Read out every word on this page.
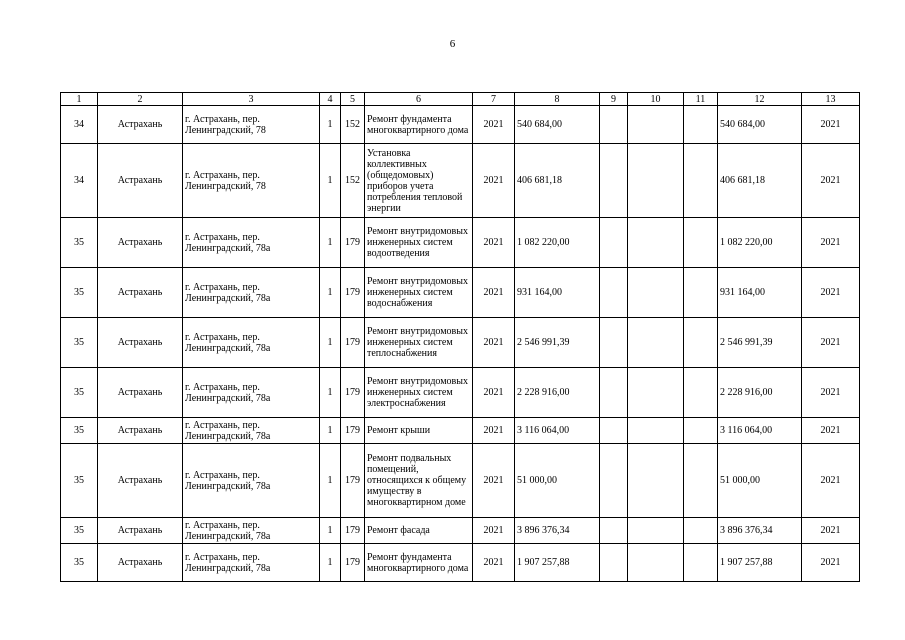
6
1	2	3	4	5	6	7	8	9	10	11	12	13
34	Астрахань	г. Астрахань, пер. Ленинградский, 78	1	152	Ремонт фундамента многоквартирного дома	2021	540 684,00				540 684,00	2021
34	Астрахань	г. Астрахань, пер. Ленинградский, 78	1	152	Установка коллективных (общедомовых) приборов учета потребления тепловой энергии	2021	406 681,18				406 681,18	2021
35	Астрахань	г. Астрахань, пер. Ленинградский, 78а	1	179	Ремонт внутридомовых инженерных систем водоотведения	2021	1 082 220,00				1 082 220,00	2021
35	Астрахань	г. Астрахань, пер. Ленинградский, 78а	1	179	Ремонт внутридомовых инженерных систем водоснабжения	2021	931 164,00				931 164,00	2021
35	Астрахань	г. Астрахань, пер. Ленинградский, 78а	1	179	Ремонт внутридомовых инженерных систем теплоснабжения	2021	2 546 991,39				2 546 991,39	2021
35	Астрахань	г. Астрахань, пер. Ленинградский, 78а	1	179	Ремонт внутридомовых инженерных систем электроснабжения	2021	2 228 916,00				2 228 916,00	2021
35	Астрахань	г. Астрахань, пер. Ленинградский, 78а	1	179	Ремонт крыши	2021	3 116 064,00				3 116 064,00	2021
35	Астрахань	г. Астрахань, пер. Ленинградский, 78а	1	179	Ремонт подвальных помещений, относящихся к общему имуществу в многоквартирном доме	2021	51 000,00				51 000,00	2021
35	Астрахань	г. Астрахань, пер. Ленинградский, 78а	1	179	Ремонт фасада	2021	3 896 376,34				3 896 376,34	2021
35	Астрахань	г. Астрахань, пер. Ленинградский, 78а	1	179	Ремонт фундамента многоквартирного дома	2021	1 907 257,88				1 907 257,88	2021
